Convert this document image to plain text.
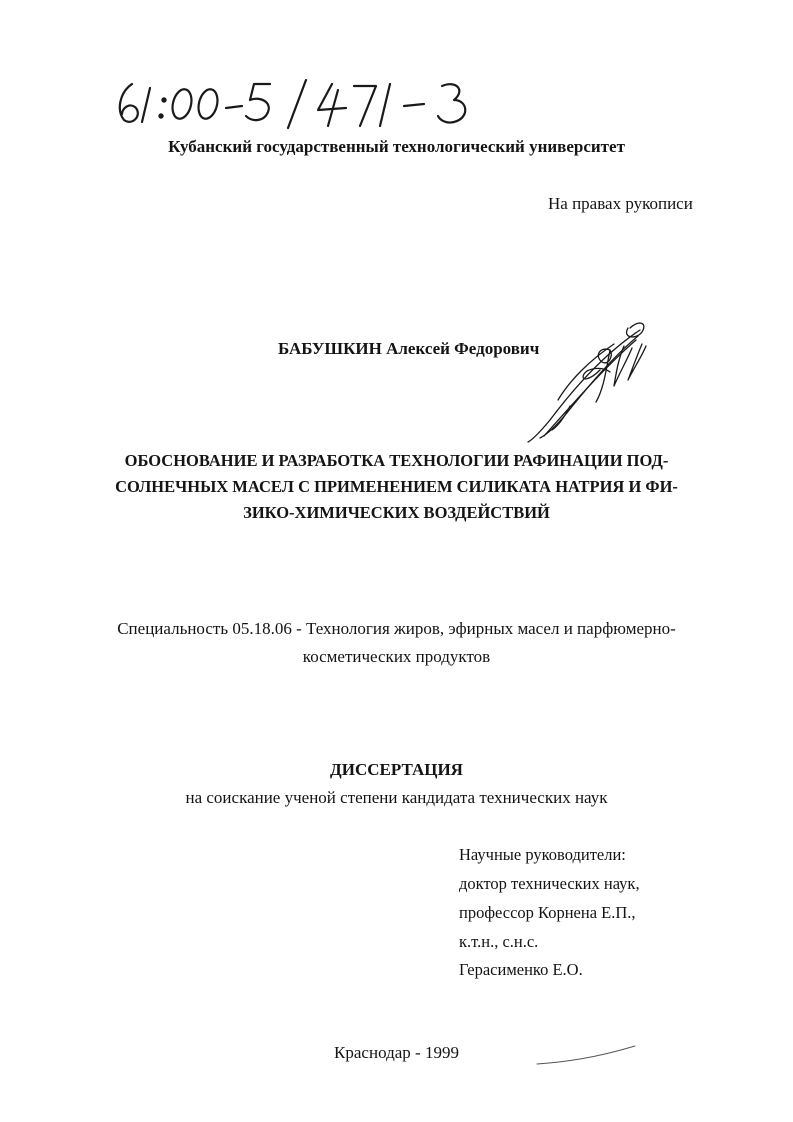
Кубанский государственный технологический университет
На правах рукописи
БАБУШКИН Алексей Федорович
ОБОСНОВАНИЕ И РАЗРАБОТКА ТЕХНОЛОГИИ РАФИНАЦИИ ПОД-
СОЛНЕЧНЫХ МАСЕЛ С ПРИМЕНЕНИЕМ СИЛИКАТА НАТРИЯ И ФИ-
ЗИКО-ХИМИЧЕСКИХ ВОЗДЕЙСТВИЙ
Специальность 05.18.06 - Технология жиров, эфирных масел и парфюмерно-
косметических продуктов
ДИССЕРТАЦИЯ
на соискание ученой степени кандидата технических наук
Научные руководители:
доктор технических наук,
профессор Корнена Е.П.,
к.т.н., с.н.с.
Герасименко Е.О.
Краснодар - 1999
